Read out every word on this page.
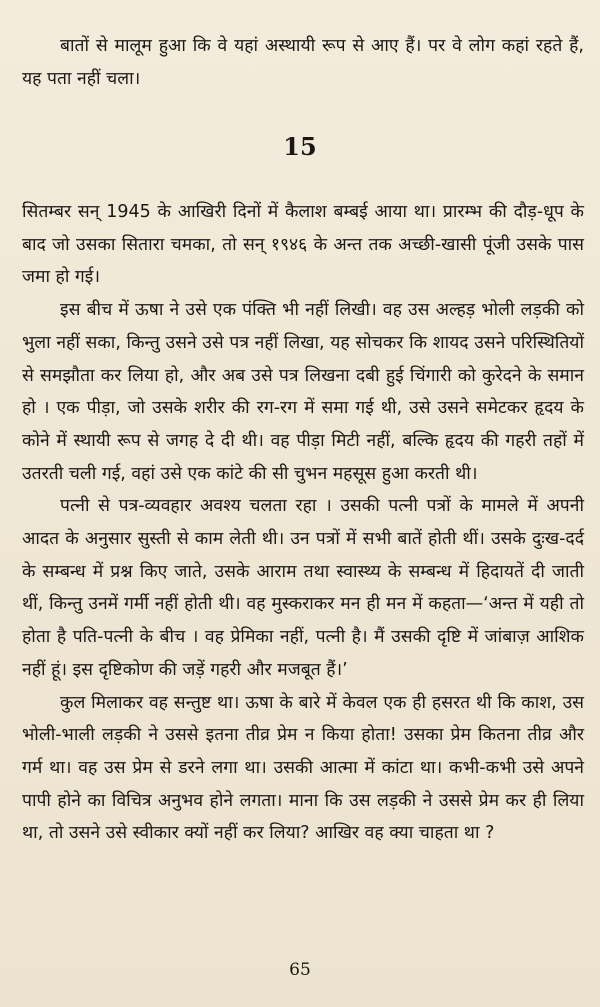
बातों से मालूम हुआ कि वे यहां अस्थायी रूप से आए हैं। पर वे लोग कहां रहते हैं, यह पता नहीं चला।

15

सितम्बर सन् 1945 के आखिरी दिनों में कैलाश बम्बई आया था। प्रारम्भ की दौड़-धूप के बाद जो उसका सितारा चमका, तो सन् १९४६ के अन्त तक अच्छी-खासी पूंजी उसके पास जमा हो गई।

इस बीच में ऊषा ने उसे एक पंक्ति भी नहीं लिखी। वह उस अल्हड़ भोली लड़की को भुला नहीं सका, किन्तु उसने उसे पत्र नहीं लिखा, यह सोचकर कि शायद उसने परिस्थितियों से समझौता कर लिया हो, और अब उसे पत्र लिखना दबी हुई चिंगारी को कुरेदने के समान हो । एक पीड़ा, जो उसके शरीर की रग-रग में समा गई थी, उसे उसने समेटकर हृदय के कोने में स्थायी रूप से जगह दे दी थी। वह पीड़ा मिटी नहीं, बल्कि हृदय की गहरी तहों में उतरती चली गई, वहां उसे एक कांटे की सी चुभन महसूस हुआ करती थी।

पत्नी से पत्र-व्यवहार अवश्य चलता रहा । उसकी पत्नी पत्रों के मामले में अपनी आदत के अनुसार सुस्ती से काम लेती थी। उन पत्रों में सभी बातें होती थीं। उसके दुःख-दर्द के सम्बन्ध में प्रश्न किए जाते, उसके आराम तथा स्वास्थ्य के सम्बन्ध में हिदायतें दी जाती थीं, किन्तु उनमें गर्मी नहीं होती थी। वह मुस्कराकर मन ही मन में कहता—‘अन्त में यही तो होता है पति-पत्नी के बीच । वह प्रेमिका नहीं, पत्नी है। मैं उसकी दृष्टि में जांबाज़ आशिक नहीं हूं। इस दृष्टिकोण की जड़ें गहरी और मजबूत हैं।’

कुल मिलाकर वह सन्तुष्ट था। ऊषा के बारे में केवल एक ही हसरत थी कि काश, उस भोली-भाली लड़की ने उससे इतना तीव्र प्रेम न किया होता! उसका प्रेम कितना तीव्र और गर्म था। वह उस प्रेम से डरने लगा था। उसकी आत्मा में कांटा था। कभी-कभी उसे अपने पापी होने का विचित्र अनुभव होने लगता। माना कि उस लड़की ने उससे प्रेम कर ही लिया था, तो उसने उसे स्वीकार क्यों नहीं कर लिया? आखिर वह क्या चाहता था ?

65
